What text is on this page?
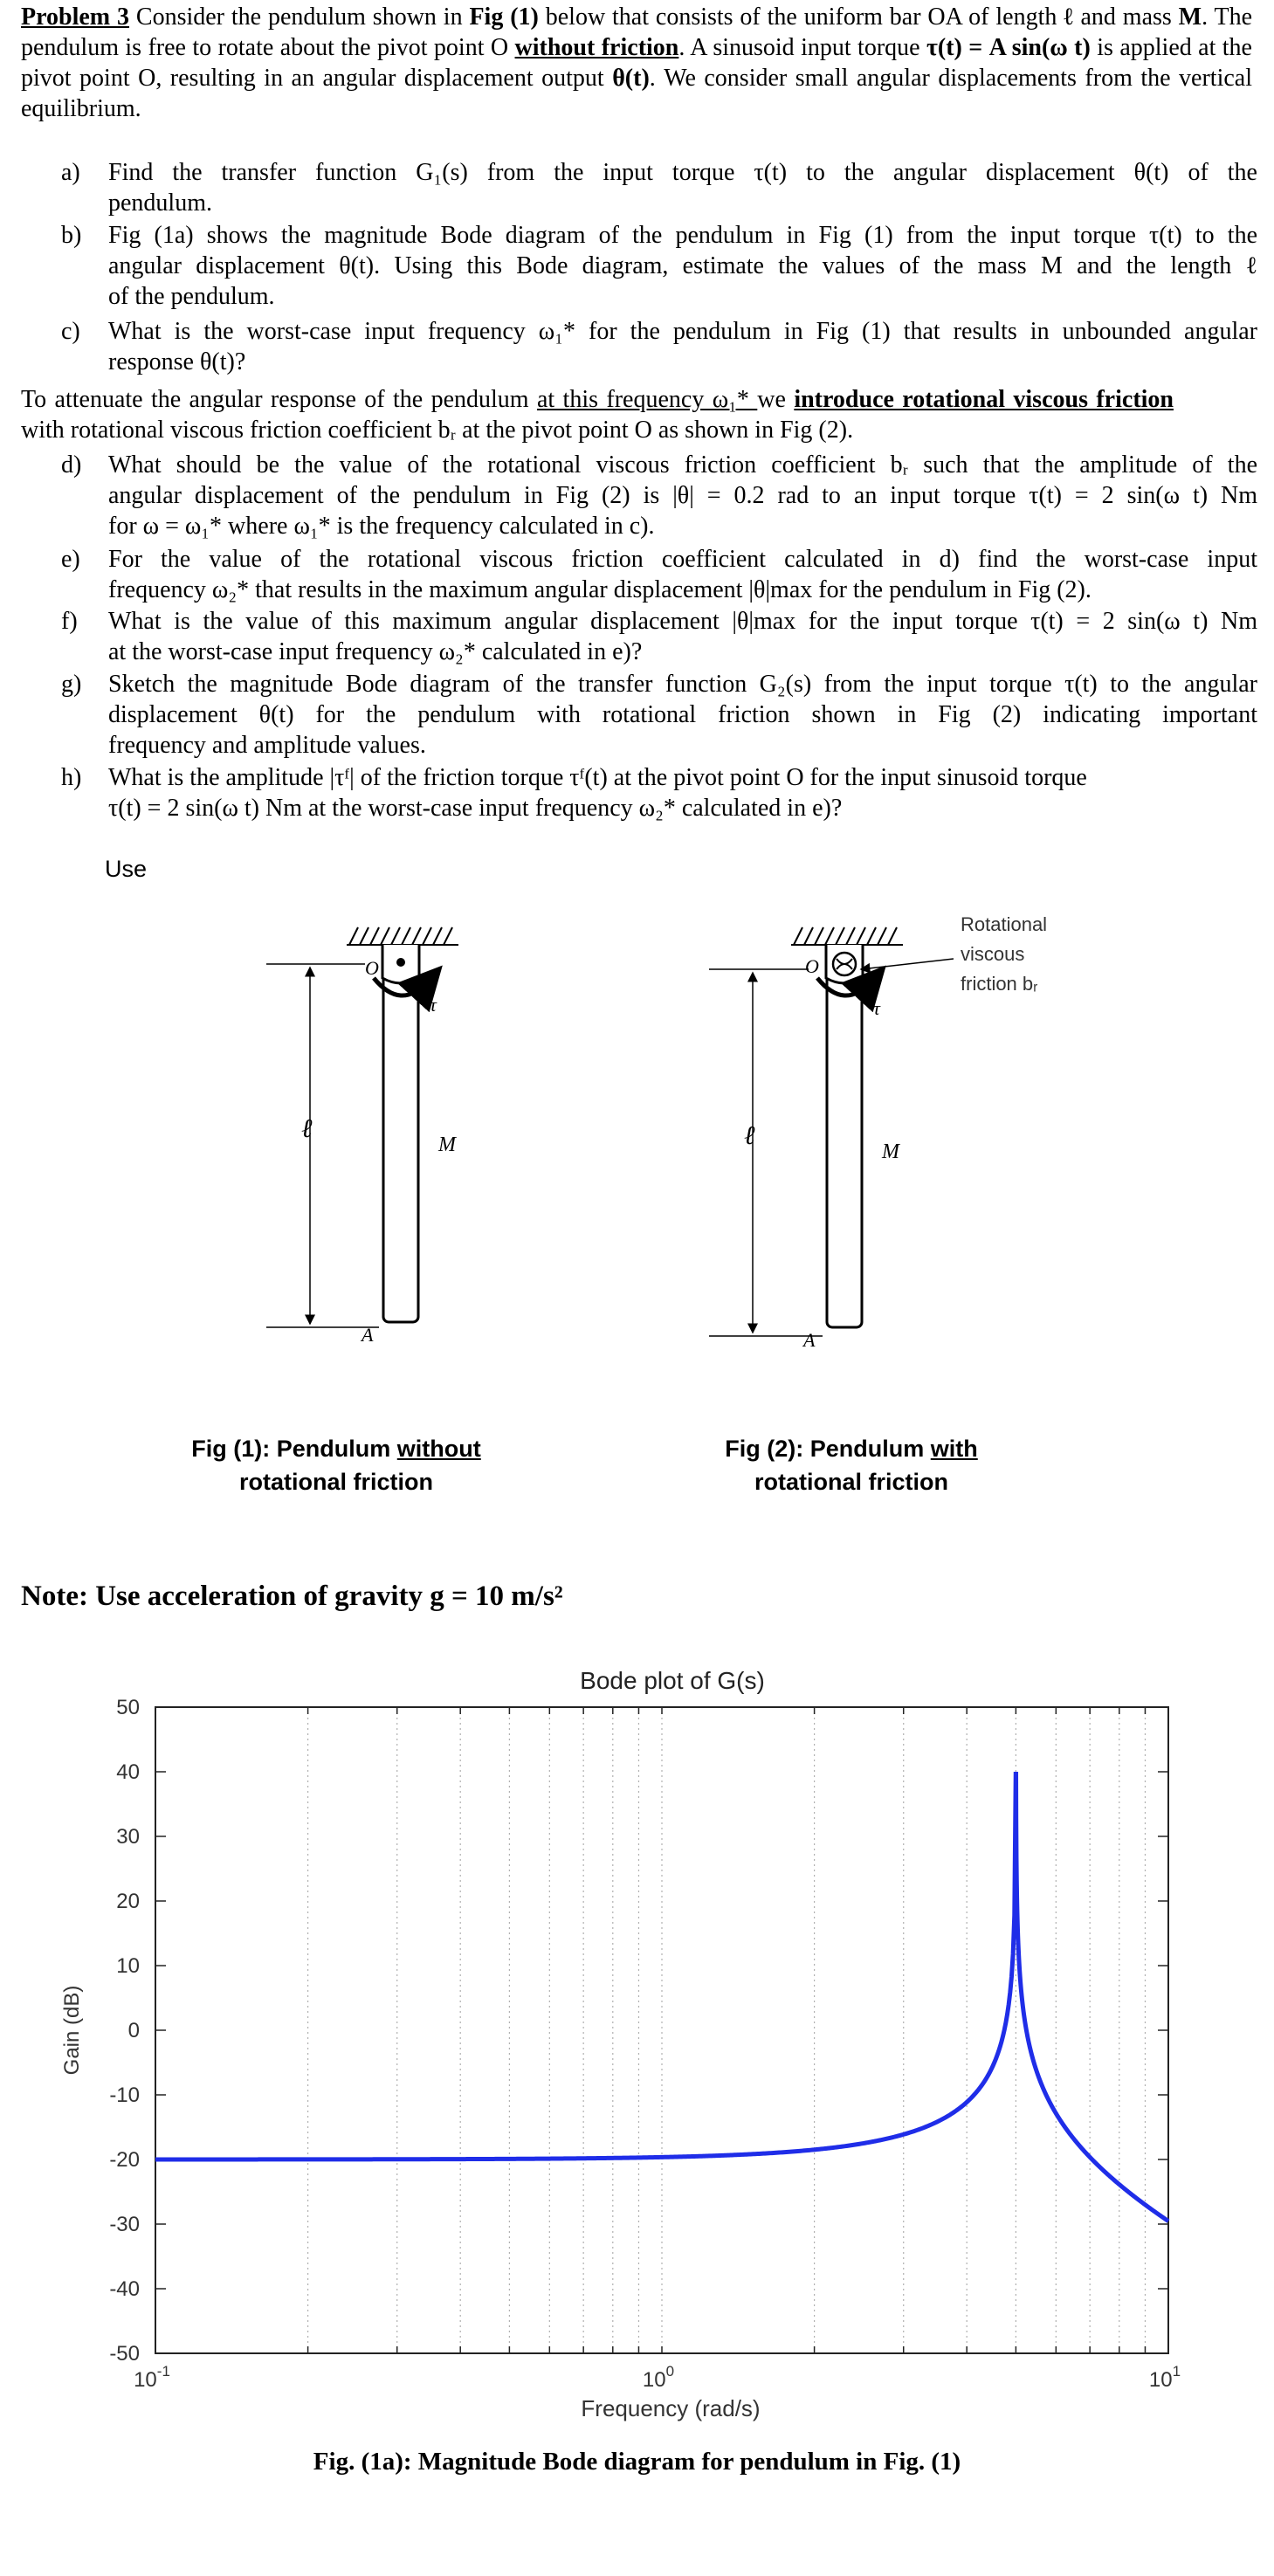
Problem 3 Consider the pendulum shown in Fig (1) below that consists of the uniform bar OA of length ℓ and mass M. The pendulum is free to rotate about the pivot point O without friction. A sinusoid input torque τ(t) = A sin(ω t) is applied at the pivot point O, resulting in an angular displacement output θ(t). We consider small angular displacements from the vertical equilibrium.
a) Find the transfer function G₁(s) from the input torque τ(t) to the angular displacement θ(t) of the
pendulum.
b) Fig (1a) shows the magnitude Bode diagram of the pendulum in Fig (1) from the input torque τ(t) to the
angular displacement θ(t). Using this Bode diagram, estimate the values of the mass M and the length ℓ
of the pendulum.
c) What is the worst-case input frequency ω₁* for the pendulum in Fig (1) that results in unbounded angular
response θ(t)?
To attenuate the angular response of the pendulum at this frequency ω₁* we introduce rotational viscous friction
with rotational viscous friction coefficient bᵣ at the pivot point O as shown in Fig (2).
d) What should be the value of the rotational viscous friction coefficient bᵣ such that the amplitude of the
angular displacement of the pendulum in Fig (2) is |θ| = 0.2 rad to an input torque τ(t) = 2 sin(ω t) Nm
for ω = ω₁* where ω₁* is the frequency calculated in c).
e) For the value of the rotational viscous friction coefficient calculated in d) find the worst-case input
frequency ω₂* that results in the maximum angular displacement |θ|max for the pendulum in Fig (2).
f) What is the value of this maximum angular displacement |θ|max for the input torque τ(t) = 2 sin(ω t) Nm
at the worst-case input frequency ω₂* calculated in e)?
g) Sketch the magnitude Bode diagram of the transfer function G₂(s) from the input torque τ(t) to the angular
displacement θ(t) for the pendulum with rotational friction shown in Fig (2) indicating important
frequency and amplitude values.
h) What is the amplitude |τᶠ| of the friction torque τᶠ(t) at the pivot point O for the input sinusoid torque
τ(t) = 2 sin(ω t) Nm at the worst-case input frequency ω₂* calculated in e)?
Use
O
τ
M
A
ℓ
O
τ
M
A
ℓ
Rotational
viscous
friction bᵣ
Fig (1): Pendulum without
rotational friction
Fig (2): Pendulum with
rotational friction
Note: Use acceleration of gravity g = 10 m/s²
Bode plot of G(s)
50
40
30
20
10
0
-10
-20
-30
-40
-50
$10^{-1}$	$10^0$	$10^1$
Gain (dB)
Frequency (rad/s)
Fig. (1a): Magnitude Bode diagram for pendulum in Fig. (1)
